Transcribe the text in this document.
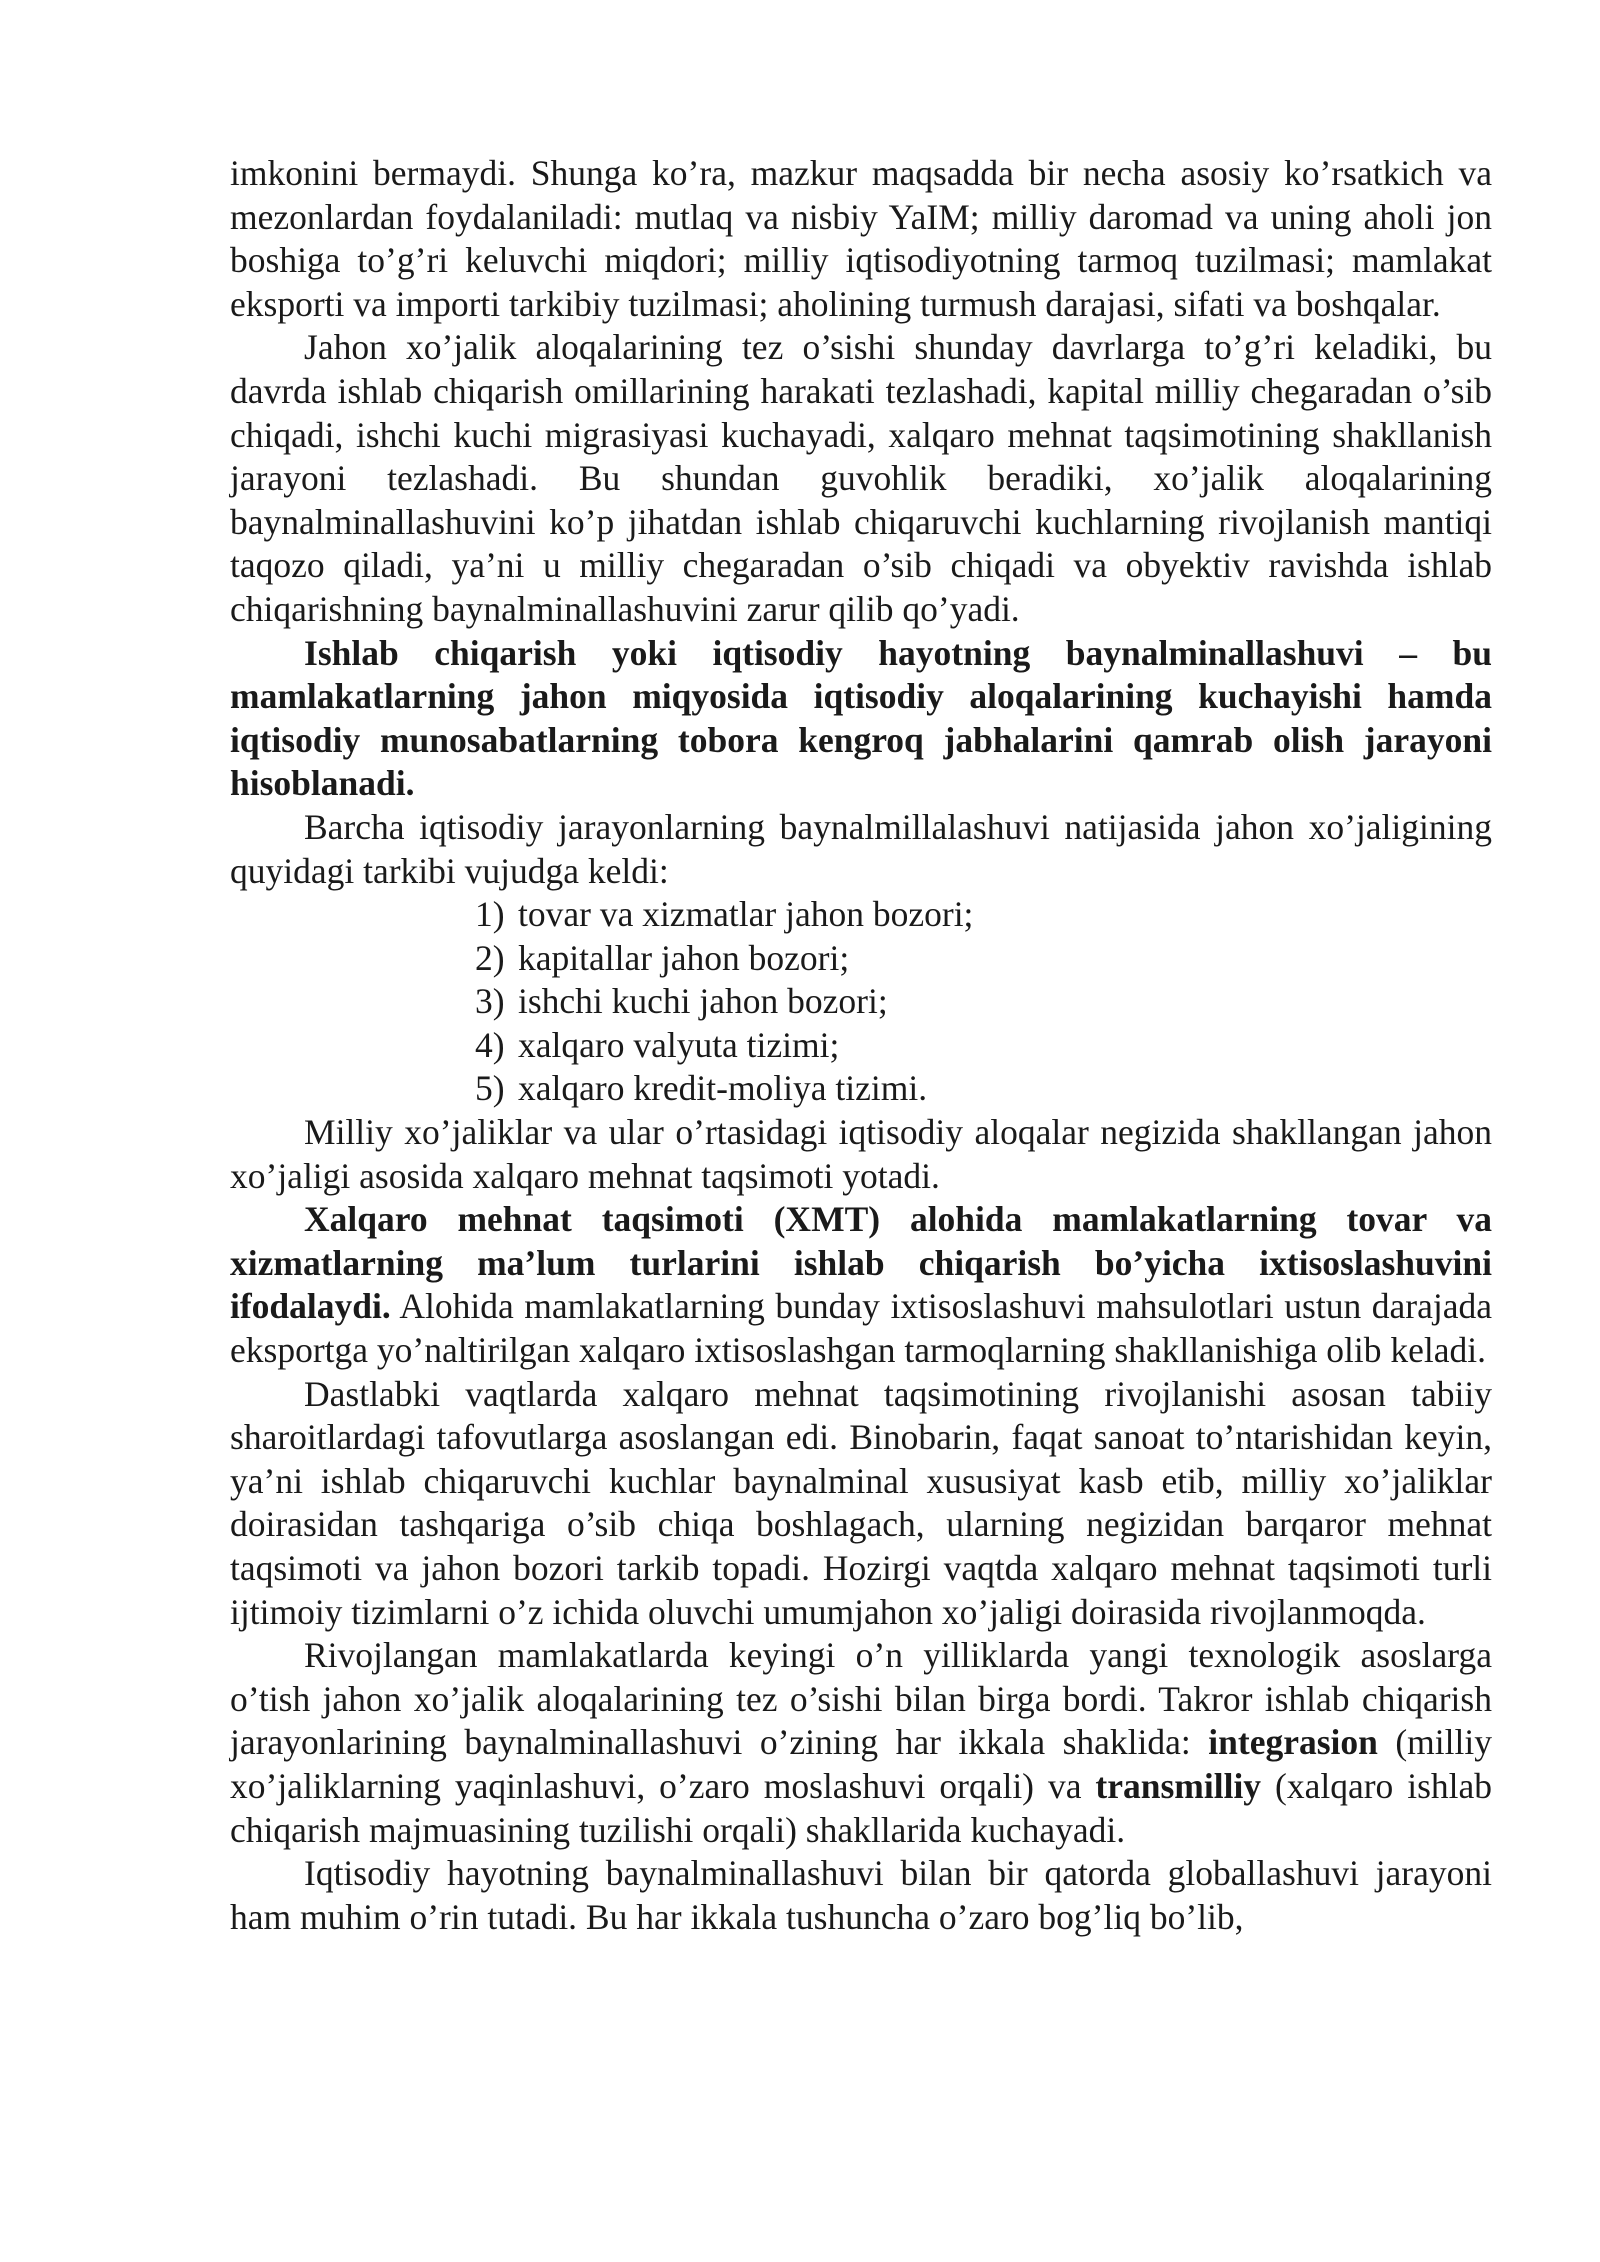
imkonini bermaydi. Shunga ko’ra, mazkur maqsadda bir necha asosiy ko’rsatkich va mezonlardan foydalaniladi: mutlaq va nisbiy YaIM; milliy daromad va uning aholi jon boshiga to’g’ri keluvchi miqdori; milliy iqtisodiyotning tarmoq tuzilmasi; mamlakat eksporti va importi tarkibiy tuzilmasi; aholining turmush darajasi, sifati va boshqalar.

Jahon xo’jalik aloqalarining tez o’sishi shunday davrlarga to’g’ri keladiki, bu davrda ishlab chiqarish omillarining harakati tezlashadi, kapital milliy chegaradan o’sib chiqadi, ishchi kuchi migrasiyasi kuchayadi, xalqaro mehnat taqsimotining shakllanish jarayoni tezlashadi. Bu shundan guvohlik beradiki, xo’jalik aloqalarining baynalminallashuvini ko’p jihatdan ishlab chiqaruvchi kuchlarning rivojlanish mantiqi taqozo qiladi, ya’ni u milliy chegaradan o’sib chiqadi va obyektiv ravishda ishlab chiqarishning baynalminallashuvini zarur qilib qo’yadi.

Ishlab chiqarish yoki iqtisodiy hayotning baynalminallashuvi – bu mamlakatlarning jahon miqyosida iqtisodiy aloqalarining kuchayishi hamda iqtisodiy munosabatlarning tobora kengroq jabhalarini qamrab olish jarayoni hisoblanadi.

Barcha iqtisodiy jarayonlarning baynalmillalashuvi natijasida jahon xo’jaligining quyidagi tarkibi vujudga keldi:

1) tovar va xizmatlar jahon bozori;
2) kapitallar jahon bozori;
3) ishchi kuchi jahon bozori;
4) xalqaro valyuta tizimi;
5) xalqaro kredit-moliya tizimi.

Milliy xo’jaliklar va ular o’rtasidagi iqtisodiy aloqalar negizida shakllangan jahon xo’jaligi asosida xalqaro mehnat taqsimoti yotadi.

Xalqaro mehnat taqsimoti (XMT) alohida mamlakatlarning tovar va xizmatlarning ma’lum turlarini ishlab chiqarish bo’yicha ixtisoslashuvini ifodalaydi. Alohida mamlakatlarning bunday ixtisoslashuvi mahsulotlari ustun darajada eksportga yo’naltirilgan xalqaro ixtisoslashgan tarmoqlarning shakllanishiga olib keladi.

Dastlabki vaqtlarda xalqaro mehnat taqsimotining rivojlanishi asosan tabiiy sharoitlardagi tafovutlarga asoslangan edi. Binobarin, faqat sanoat to’ntarishidan keyin, ya’ni ishlab chiqaruvchi kuchlar baynalminal xususiyat kasb etib, milliy xo’jaliklar doirasidan tashqariga o’sib chiqa boshlagach, ularning negizidan barqaror mehnat taqsimoti va jahon bozori tarkib topadi. Hozirgi vaqtda xalqaro mehnat taqsimoti turli ijtimoiy tizimlarni o’z ichida oluvchi umumjahon xo’jaligi doirasida rivojlanmoqda.

Rivojlangan mamlakatlarda keyingi o’n yilliklarda yangi texnologik asoslarga o’tish jahon xo’jalik aloqalarining tez o’sishi bilan birga bordi. Takror ishlab chiqarish jarayonlarining baynalminallashuvi o’zining har ikkala shaklida: integrasion (milliy xo’jaliklarning yaqinlashuvi, o’zaro moslashuvi orqali) va transmilliy (xalqaro ishlab chiqarish majmuasining tuzilishi orqali) shakllarida kuchayadi.

Iqtisodiy hayotning baynalminallashuvi bilan bir qatorda globallashuvi jarayoni ham muhim o’rin tutadi. Bu har ikkala tushuncha o’zaro bog’liq bo’lib,
